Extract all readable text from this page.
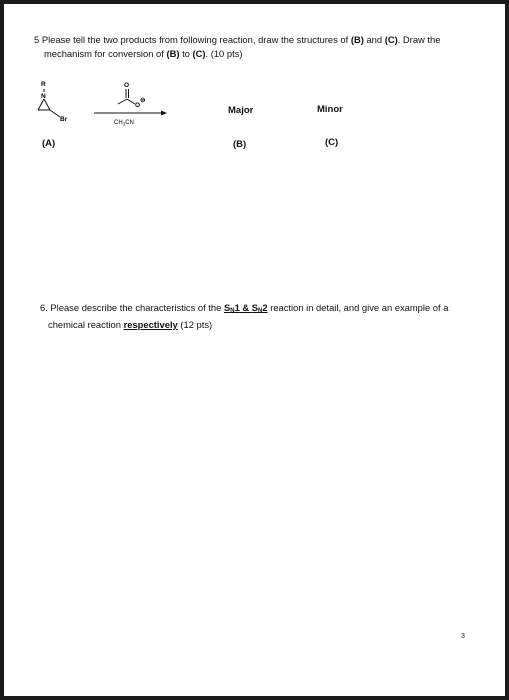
5 Please tell the two products from following reaction, draw the structures of (B) and (C). Draw the
mechanism for conversion of (B) to (C). (10 pts)
R
N
Br
O
O
⊖
$CH_3CN$
Major	Minor
(A)	(B)	(C)
6. Please describe the characteristics of the SN1 & SN2 reaction in detail, and give an example of a
chemical reaction respectively (12 pts)
3
